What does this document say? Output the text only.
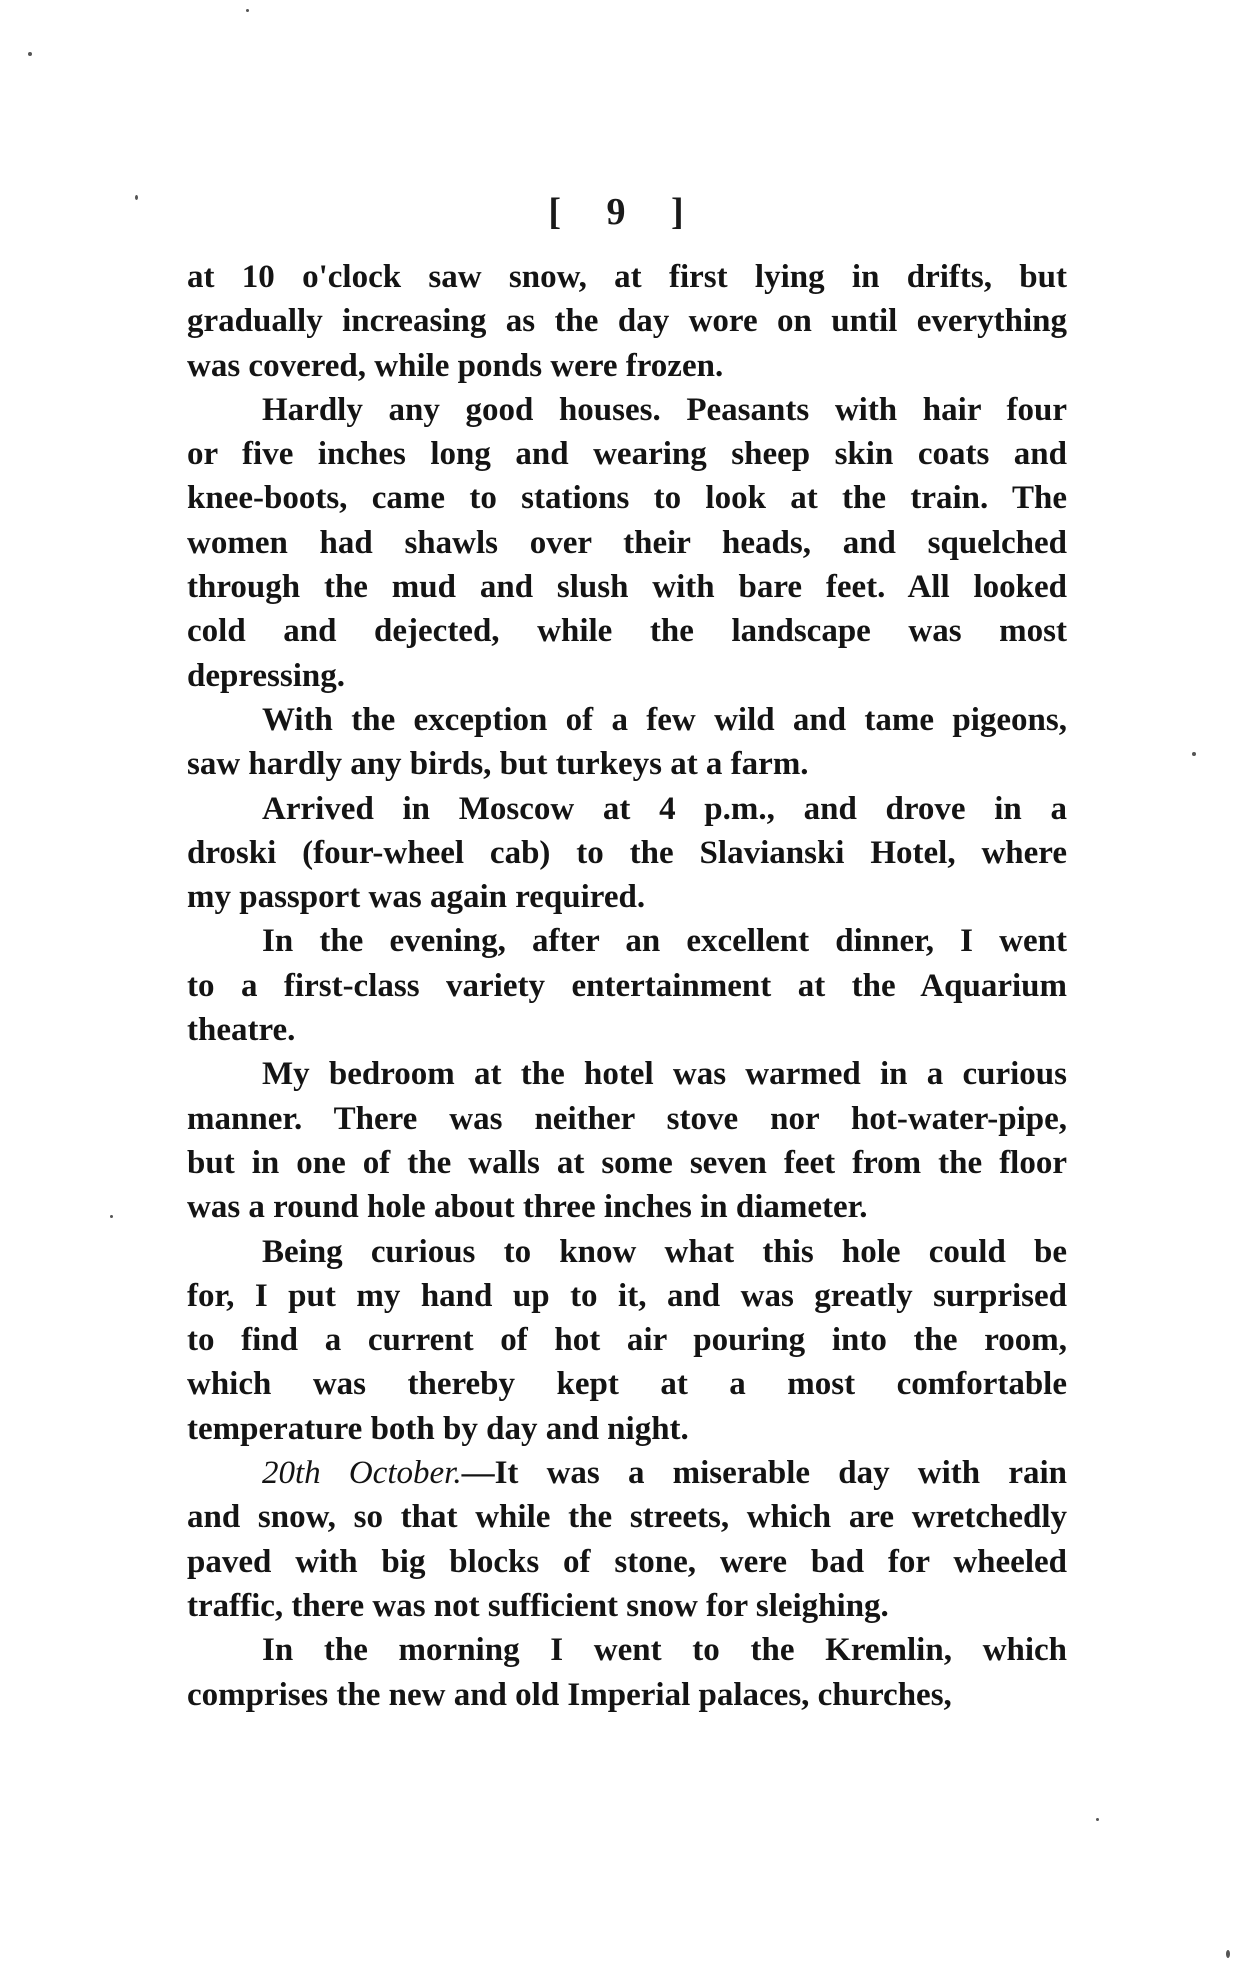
[ 9 ]
at 10 o'clock saw snow, at first lying in drifts, but
gradually increasing as the day wore on until everything
was covered, while ponds were frozen.
Hardly any good houses. Peasants with hair four
or five inches long and wearing sheep skin coats and
knee-boots, came to stations to look at the train. The
women had shawls over their heads, and squelched
through the mud and slush with bare feet. All looked
cold and dejected, while the landscape was most
depressing.
With the exception of a few wild and tame pigeons,
saw hardly any birds, but turkeys at a farm.
Arrived in Moscow at 4 p.m., and drove in a
droski (four-wheel cab) to the Slavianski Hotel, where
my passport was again required.
In the evening, after an excellent dinner, I went
to a first-class variety entertainment at the Aquarium
theatre.
My bedroom at the hotel was warmed in a curious
manner. There was neither stove nor hot-water-pipe,
but in one of the walls at some seven feet from the floor
was a round hole about three inches in diameter.
Being curious to know what this hole could be
for, I put my hand up to it, and was greatly surprised
to find a current of hot air pouring into the room,
which was thereby kept at a most comfortable
temperature both by day and night.
20th October.—It was a miserable day with rain
and snow, so that while the streets, which are wretchedly
paved with big blocks of stone, were bad for wheeled
traffic, there was not sufficient snow for sleighing.
In the morning I went to the Kremlin, which
comprises the new and old Imperial palaces, churches,
